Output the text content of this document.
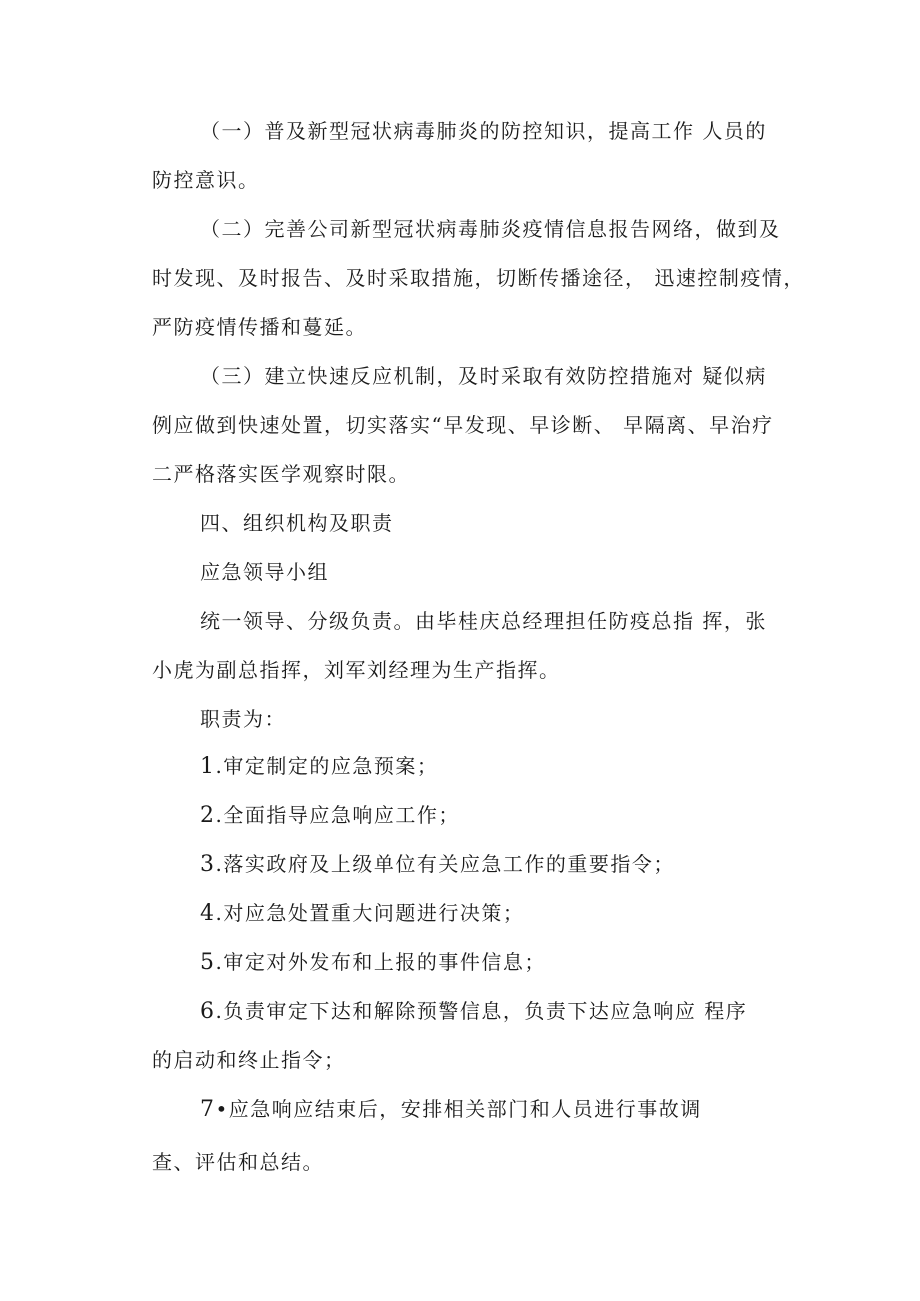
（一）普及新型冠状病毒肺炎的防控知识，提高工作 人员的
防控意识。
（二）完善公司新型冠状病毒肺炎疫情信息报告网络，做到及
时发现、及时报告、及时采取措施，切断传播途径， 迅速控制疫情，
严防疫情传播和蔓延。
（三）建立快速反应机制，及时采取有效防控措施对 疑似病
例应做到快速处置，切实落实“早发现、早诊断、 早隔离、早治疗
二严格落实医学观察时限。
四、组织机构及职责
应急领导小组
统一领导、分级负责。由毕桂庆总经理担任防疫总指 挥，张
小虎为副总指挥，刘军刘经理为生产指挥。
职责为：
1.审定制定的应急预案；
2.全面指导应急响应工作；
3.落实政府及上级单位有关应急工作的重要指令；
4.对应急处置重大问题进行决策；
5.审定对外发布和上报的事件信息；
6.负责审定下达和解除预警信息，负责下达应急响应 程序
的启动和终止指令；
7•应急响应结束后，安排相关部门和人员进行事故调
查、评估和总结。
